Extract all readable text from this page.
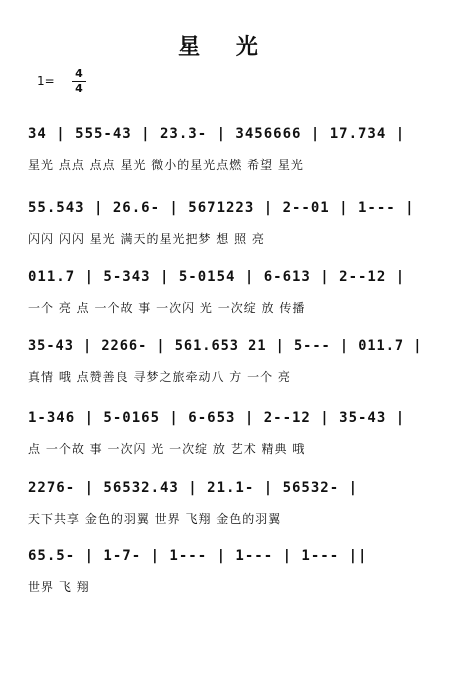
星 光
1=
4
4
34 | 555-43 | 23.3- | 3456666 | 17.734 |
星光 点点 点点 星光 微小的星光点燃 希望 星光
55.543 | 26.6- | 5671223 | 2--01 | 1--- |
闪闪 闪闪 星光 满天的星光把梦 想 照 亮
011.7 | 5-343 | 5-0154 | 6-613 | 2--12 |
一个 亮 点 一个故 事 一次闪 光 一次绽 放 传播
35-43 | 2266- | 561.653 21 | 5--- | 011.7 |
真情 哦 点赞善良 寻梦之旅牵动八 方 一个 亮
1-346 | 5-0165 | 6-653 | 2--12 | 35-43 |
点 一个故 事 一次闪 光 一次绽 放 艺术 精典 哦
2276- | 56532.43 | 21.1- | 56532- |
天下共享 金色的羽翼 世界 飞翔 金色的羽翼
65.5- | 1-7- | 1--- | 1--- | 1--- ||
世界 飞 翔
